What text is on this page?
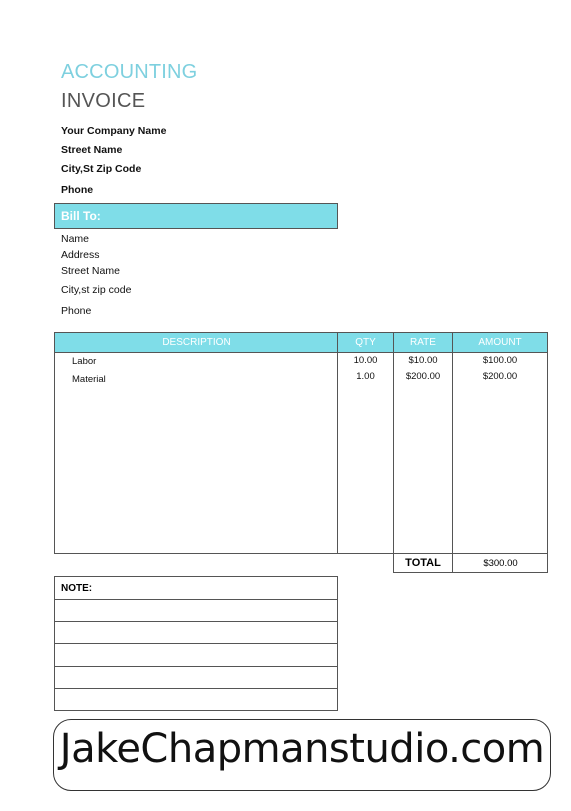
ACCOUNTING
INVOICE
Your Company Name
Street Name
City,St Zip Code
Phone
Bill To:
Name
Address
Street Name
City,st zip code
Phone
DESCRIPTION	QTY	RATE	AMOUNT
Labor	10.00	$10.00	$100.00
Material	1.00	$200.00	$200.00
TOTAL	$300.00
NOTE:
JakeChapmanstudio.com
